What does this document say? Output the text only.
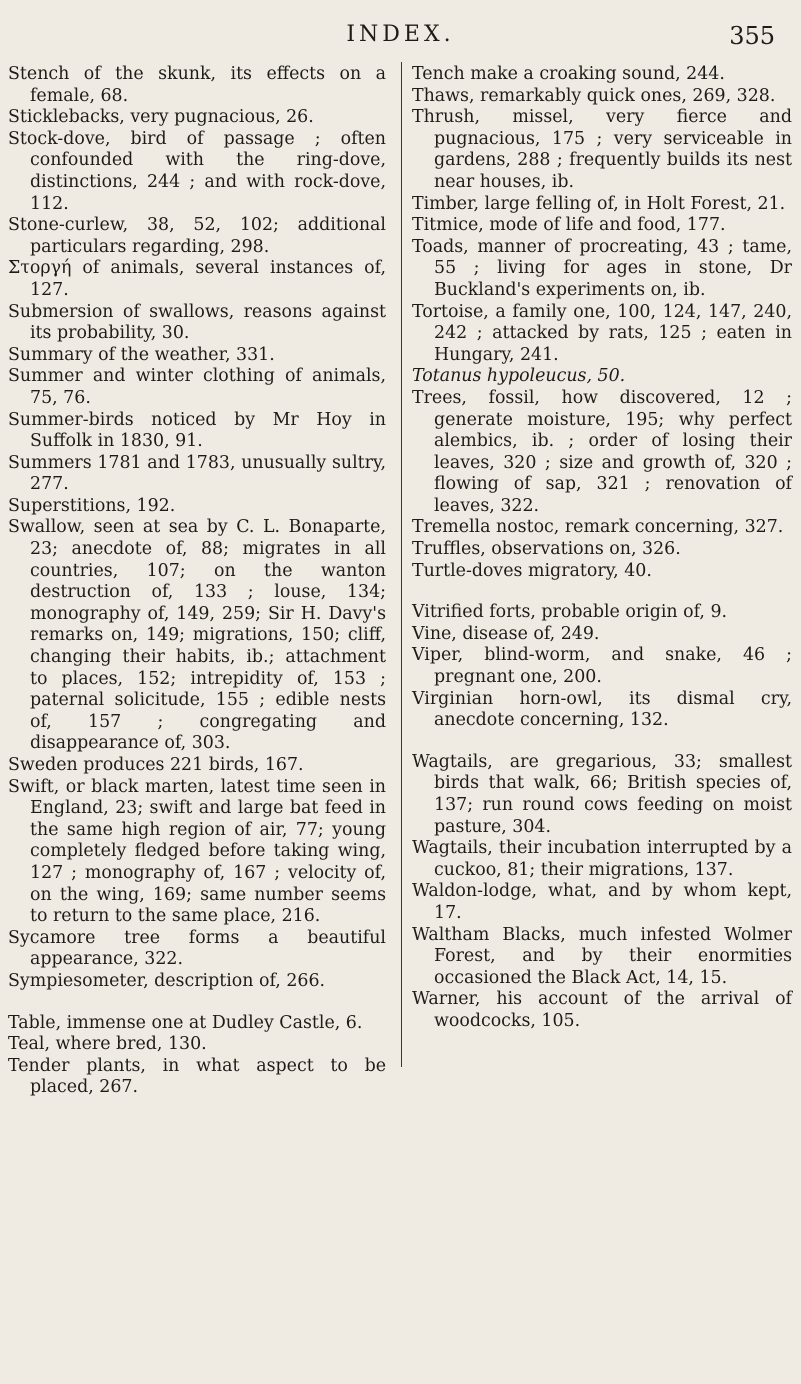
INDEX.	355

Stench of the skunk, its effects on a female, 68.

Sticklebacks, very pugnacious, 26.

Stock-dove, bird of passage ; often confounded with the ring-dove, distinctions, 244 ; and with rock-dove, 112.

Stone-curlew, 38, 52, 102; additional particulars regarding, 298.

Στοργή of animals, several instances of, 127.

Submersion of swallows, reasons against its probability, 30.

Summary of the weather, 331.

Summer and winter clothing of animals, 75, 76.

Summer-birds noticed by Mr Hoy in Suffolk in 1830, 91.

Summers 1781 and 1783, unusually sultry, 277.

Superstitions, 192.

Swallow, seen at sea by C. L. Bonaparte, 23; anecdote of, 88; migrates in all countries, 107; on the wanton destruction of, 133 ; louse, 134; monography of, 149, 259; Sir H. Davy's remarks on, 149; migrations, 150; cliff, changing their habits, ib.; attachment to places, 152; intrepidity of, 153 ; paternal solicitude, 155 ; edible nests of, 157 ; congregating and disappearance of, 303.

Sweden produces 221 birds, 167.

Swift, or black marten, latest time seen in England, 23; swift and large bat feed in the same high region of air, 77; young completely fledged before taking wing, 127 ; monography of, 167 ; velocity of, on the wing, 169; same number seems to return to the same place, 216.

Sycamore tree forms a beautiful appearance, 322.

Sympiesometer, description of, 266.

Table, immense one at Dudley Castle, 6.

Teal, where bred, 130.

Tender plants, in what aspect to be placed, 267.

Tench make a croaking sound, 244.

Thaws, remarkably quick ones, 269, 328.

Thrush, missel, very fierce and pugnacious, 175 ; very serviceable in gardens, 288 ; frequently builds its nest near houses, ib.

Timber, large felling of, in Holt Forest, 21.

Titmice, mode of life and food, 177.

Toads, manner of procreating, 43 ; tame, 55 ; living for ages in stone, Dr Buckland's experiments on, ib.

Tortoise, a family one, 100, 124, 147, 240, 242 ; attacked by rats, 125 ; eaten in Hungary, 241.

Totanus hypoleucus, 50.

Trees, fossil, how discovered, 12 ; generate moisture, 195; why perfect alembics, ib. ; order of losing their leaves, 320 ; size and growth of, 320 ; flowing of sap, 321 ; renovation of leaves, 322.

Tremella nostoc, remark concerning, 327.

Truffles, observations on, 326.

Turtle-doves migratory, 40.

Vitrified forts, probable origin of, 9.

Vine, disease of, 249.

Viper, blind-worm, and snake, 46 ; pregnant one, 200.

Virginian horn-owl, its dismal cry, anecdote concerning, 132.

Wagtails, are gregarious, 33; smallest birds that walk, 66; British species of, 137; run round cows feeding on moist pasture, 304.

Wagtails, their incubation interrupted by a cuckoo, 81; their migrations, 137.

Waldon-lodge, what, and by whom kept, 17.

Waltham Blacks, much infested Wolmer Forest, and by their enormities occasioned the Black Act, 14, 15.

Warner, his account of the arrival of woodcocks, 105.
